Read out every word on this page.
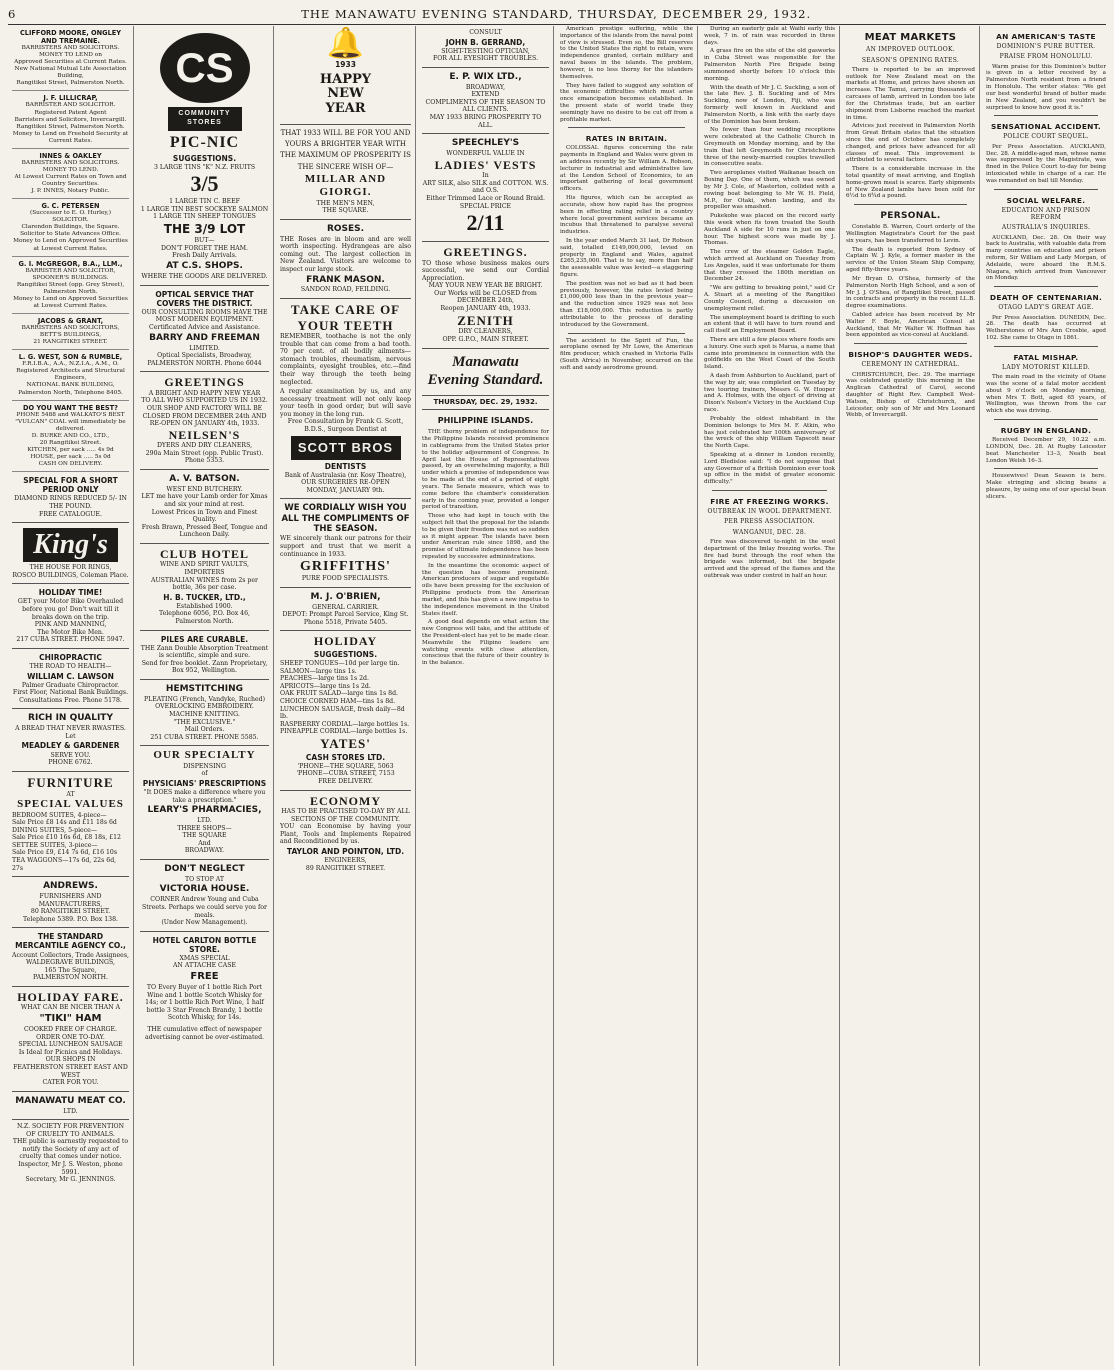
6	THE MANAWATU EVENING STANDARD, THURSDAY, DECEMBER 29, 1932.
CLIFFORD MOORE, ONGLEY AND TREMAINE.
BARRISTERS AND SOLICITORS.
MONEY TO LEND on
Approved Securities at Current Rates.
New National Mutual Life Association Building,
Rangitikei Street, Palmerston North.
J. F. LILLICRAP,
BARRISTER AND SOLICITOR.
Registered Patent Agent
Barristers and Solicitors, Invercargill.
Rangitikei Street, Palmerston North.
Money to Lend on Freehold Security at Current Rates.
INNES & OAKLEY
BARRISTERS AND SOLICITORS.
MONEY TO LEND.
At Lowest Current Rates on Town and Country Securities.
J. P. INNES, Notary Public.
G. C. PETERSEN
(Successor to E. O. Hurley,)
SOLICITOR.
Clarendon Buildings, the Square.
Solicitor to State Advances Office.
Money to Lend on Approved Securities at Lowest Current Rates.
G. I. McGREGOR, B.A., LLM.,
BARRISTER AND SOLICITOR,
SPOONER'S BUILDINGS.
Rangitikei Street (opp. Grey Street), Palmerston North.
Money to Lend on Approved Securities at Lowest Current Rates.
JACOBS & GRANT,
BARRISTERS AND SOLICITORS,
BETT'S BUILDINGS,
21 RANGITIKEI STREET.
L. G. WEST, SON & RUMBLE,
F.R.I.B.A., A.A., N.Z.I.A., A.M., O.
Registered Architects and Structural Engineers,
NATIONAL BANK BUILDING,
Palmerston North, Telephone 8405.
DO YOU WANT THE BEST?
PHONE 5488 and WALKATO'S BEST "VULCAN" COAL will immediately be delivered.
D. BURKE AND CO., LTD.,
20 Rangitikei Street.
KITCHEN, per sack ..... 4s 9d
HOUSE, per sack ..... 5s 0d
CASH ON DELIVERY.
SPECIAL FOR A SHORT PERIOD ONLY
DIAMOND RINGS REDUCED 5/- IN THE POUND.
FREE CATALOGUE.
King's
THE HOUSE FOR RINGS,
ROSCO BUILDINGS, Coleman Place.
HOLIDAY TIME!
GET your Motor Bike Overhauled before you go! Don't wait till it breaks down on the trip.
PINK AND MANNING,
The Motor Bike Men.
217 CUBA STREET. PHONE 5947.
CHIROPRACTIC
THE ROAD TO HEALTH—
WILLIAM C. LAWSON
Palmer Graduate Chiropractor.
First Floor, National Bank Buildings.
Consultations Free. Phone 5178.
RICH IN QUALITY
A BREAD THAT NEVER RWASTES.
Let
MEADLEY & GARDENER
SERVE YOU.
PHONE 6762.
FURNITURE
AT
SPECIAL VALUES
BEDROOM SUITES, 4-piece—
Sale Price £8 14s and £11 18s 6d
DINING SUITES, 5-piece—
Sale Price £10 16s 6d, £8 18s, £12
SETTEE SUITES, 3-piece—
Sale Price £9, £14 7s 6d, £16 10s
TEA WAGGONS—17s 6d, 22s 6d, 27s
ANDREWS.
FURNISHERS AND MANUFACTURERS,
80 RANGITIKEI STREET.
Telephone 5389. P.O. Box 138.
THE STANDARD MERCANTILE AGENCY CO.,
Account Collectors, Trade Assignees,
WALDEGRAVE BUILDINGS,
165 The Square,
PALMERSTON NORTH.
HOLIDAY FARE.
WHAT CAN BE NICER THAN A
"TIKI" HAM
COOKED FREE OF CHARGE.
ORDER ONE TO-DAY.
SPECIAL LUNCHEON SAUSAGE
Is Ideal for Picnics and Holidays.
OUR SHOPS IN
FEATHERSTON STREET EAST AND WEST
CATER FOR YOU.
MANAWATU MEAT CO.
LTD.
N.Z. SOCIETY FOR PREVENTION OF CRUELTY TO ANIMALS.
THE public is earnestly requested to notify the Society of any act of cruelty that comes under notice.
Inspector, Mr J. S. Weston, phone 5991.
Secretary, Mr G. JENNINGS.
CS
COMMUNITY STORES
PIC-NIC
SUGGESTIONS.
3 LARGE TINS "K" N.Z. FRUITS
3/5
1 LARGE TIN C. BEEF
1 LARGE TIN BEST SOCKEYE SALMON
1 LARGE TIN SHEEP TONGUES
THE 3/9 LOT
BUT—
DON'T FORGET THE HAM.
Fresh Daily Arrivals.
AT C.S. SHOPS.
WHERE THE GOODS ARE DELIVERED.
OPTICAL SERVICE THAT COVERS THE DISTRICT.
OUR CONSULTING ROOMS HAVE THE MOST MODERN EQUIPMENT.
Certificated Advice and Assistance.
BARRY AND FREEMAN
LIMITED.
Optical Specialists, Broadway,
PALMERSTON NORTH. Phone 6044
GREETINGS
A BRIGHT AND HAPPY NEW YEAR
TO ALL WHO SUPPORTED US IN 1932.
OUR SHOP AND FACTORY WILL BE CLOSED FROM DECEMBER 24th AND RE-OPEN ON JANUARY 4th, 1933.
NEILSEN'S
DYERS AND DRY CLEANERS,
290a Main Street (opp. Public Trust).
Phone 5353.
A. V. BATSON.
WEST END BUTCHERY.
LET me have your Lamb order for Xmas and six your mind at rest.
Lowest Prices in Town and Finest Quality.
Fresh Brawn, Pressed Beef, Tongue and Luncheon Daily.
CLUB HOTEL
WINE AND SPIRIT VAULTS,
IMPORTERS
AUSTRALIAN WINES from 2s per bottle, 36s per case.
H. B. TUCKER, LTD.,
Established 1900.
Telephone 6056, P.O. Box 46,
Palmerston North.
PILES ARE CURABLE.
THE Zann Double Absorption Treatment is scientific, simple and sure.
Send for free booklet. Zann Proprietary, Box 952, Wellington.
HEMSTITCHING
PLEATING (French, Vandyke, Ruched)
OVERLOCKING EMBROIDERY.
MACHINE KNITTING.
"THE EXCLUSIVE."
Mail Orders.
251 CUBA STREET. PHONE 5585.
OUR SPECIALTY
DISPENSING
of
PHYSICIANS' PRESCRIPTIONS
"It DOES make a difference where you take a prescription."
LEARY'S PHARMACIES,
LTD.
THREE SHOPS—
THE SQUARE
And
BROADWAY.
DON'T NEGLECT
TO STOP AT
VICTORIA HOUSE.
CORNER Andrew Young and Cuba Streets. Perhaps we could serve you for meals.
(Under New Management).
HOTEL CARLTON BOTTLE STORE.
XMAS SPECIAL
AN ATTACHE CASE
FREE
TO Every Buyer of 1 bottle Rich Port Wine and 1 bottle Scotch Whisky for 14s; or 1 bottle Rich Port Wine, 1 half bottle 3 Star French Brandy, 1 bottle Scotch Whisky, for 14s.
THE cumulative effect of newspaper advertising cannot be over-estimated.
🔔
1933
HAPPY
NEW
YEAR
THAT 1933 WILL BE FOR YOU AND YOURS A BRIGHTER YEAR WITH THE MAXIMUM OF PROSPERITY IS THE SINCERE WISH OF—
MILLAR AND GIORGI.
THE MEN'S MEN,
THE SQUARE.
ROSES.
THE Roses are in bloom and are well worth inspecting. Hydrangeas are also coming out. The largest collection in New Zealand. Visitors are welcome to inspect our large stock.
FRANK MASON.
SANDON ROAD, FEILDING.
TAKE CARE OF YOUR TEETH
REMEMBER, toothache is not the only trouble that can come from a bad tooth. 70 per cent. of all bodily ailments—stomach troubles, rheumatism, nervous complaints, eyesight troubles, etc.—find their way through the teeth being neglected.
A regular examination by us, and any necessary treatment will not only keep your teeth in good order, but will save you money in the long run.
Free Consultation by Frank G. Scott, B.D.S., Surgeon Dentist at
SCOTT BROS
DENTISTS
Bank of Australasia (nr. Kosy Theatre),
OUR SURGERIES RE-OPEN
MONDAY, JANUARY 9th.
WE CORDIALLY WISH YOU ALL THE COMPLIMENTS OF THE SEASON.
WE sincerely thank our patrons for their support and trust that we merit a continuance in 1933.
GRIFFITHS'
PURE FOOD SPECIALISTS.
M. J. O'BRIEN,
GENERAL CARRIER.
DEPOT: Prompt Parcel Service, King St. Phone 5518, Private 5405.
HOLIDAY
SUGGESTIONS.
SHEEP TONGUES—10d per large tin.
SALMON—large tins 1s.
PEACHES—large tins 1s 2d.
APRICOTS—large tins 1s 2d.
OAK FRUIT SALAD—large tins 1s 8d.
CHOICE CORNED HAM—tins 1s 8d.
LUNCHEON SAUSAGE, fresh daily—8d lb.
RASPBERRY CORDIAL—large bottles 1s.
PINEAPPLE CORDIAL—large bottles 1s.
YATES'
CASH STORES LTD.
'PHONE—THE SQUARE, 5063
'PHONE—CUBA STREET, 7153
FREE DELIVERY.
ECONOMY
HAS TO BE PRACTISED TO-DAY BY ALL SECTIONS OF THE COMMUNITY.
YOU can Economise by having your Plant, Tools and Implements Repaired and Reconditioned by us.
TAYLOR AND POINTON, LTD.
ENGINEERS,
89 RANGITIKEI STREET.
CONSULT
JOHN B. GERRAND,
SIGHT-TESTING OPTICIAN,
FOR ALL EYESIGHT TROUBLES.
E. P. WIX LTD.,
BROADWAY,
EXTEND
COMPLIMENTS OF THE SEASON TO ALL CLIENTS.
MAY 1933 BRING PROSPERITY TO ALL.
SPEECHLEY'S
WONDERFUL VALUE IN
LADIES' VESTS
In
ART SILK, also SILK and COTTON. W.S. and O.S.
Either Trimmed Lace or Round Braid.
SPECIAL PRICE
2/11
GREETINGS.
TO those whose business makes ours successful, we send our Cordial Appreciation.
MAY YOUR NEW YEAR BE BRIGHT.
Our Works will be CLOSED from DECEMBER 24th,
Reopen JANUARY 4th, 1933.
ZENITH
DRY CLEANERS,
OPP. G.P.O., MAIN STREET.
Manawatu
Evening Standard.
THURSDAY, DEC. 29, 1932.
PHILIPPINE ISLANDS.

THE thorny problem of independence for the Philippine Islands received prominence in cablegrams from the United States prior to the holiday adjournment of Congress. In April last the House of Representatives passed, by an overwhelming majority, a Bill under which a promise of independence was to be made at the end of a period of eight years. The Senate measure, which was to come before the chamber's consideration early in the coming year, provided a longer period of transition.

Those who had kept in touch with the subject felt that the proposal for the islands to be given their freedom was not so sudden as it might appear. The islands have been under American rule since 1898, and the promise of ultimate independence has been repeated by successive administrations.

In the meantime the economic aspect of the question has become prominent. American producers of sugar and vegetable oils have been pressing for the exclusion of Philippine products from the American market, and this has given a new impetus to the independence movement in the United States itself.

A good deal depends on what action the new Congress will take, and the attitude of the President-elect has yet to be made clear. Meanwhile the Filipino leaders are watching events with close attention, conscious that the future of their country is in the balance.

American prestige suffering, while the importance of the islands from the naval point of view is stressed. Even so, the Bill reserves to the United States the right to retain, were independence granted, certain military and naval bases in the islands. The problem, however, is no less thorny for the islanders themselves.

They have failed to suggest any solution of the economic difficulties which must arise once emancipation becomes established. In the present state of world trade they seemingly have no desire to be cut off from a profitable market.

RATES IN BRITAIN.

COLOSSAL figures concerning the rate payments in England and Wales were given in an address recently by Sir William A. Robson, lecturer in industrial and administrative law at the London School of Economics, to an important gathering of local government officers.

His figures, which can be accepted as accurate, show how rapid has the progress been in effecting rating relief in a country where local government services became an incubus that threatened to paralyse several industries.

In the year ended March 31 last, Dr Robson said, totalled £149,000,000, levied on property in England and Wales, against £265,235,000. That is to say, more than half the assessable value was levied—a staggering figure.

The position was not so bad as it had been previously, however, the rates levied being £1,000,000 less than in the previous year—and the reduction since 1929 was not less than £18,000,000. This reduction is partly attributable to the process of derating introduced by the Government.

The accident to the Spirit of Fun, the aeroplane owned by Mr Lowe, the American film producer, which crashed in Victoria Falls (South Africa) in November, occurred on the soft and sandy aerodrome ground.

During an easterly gale at Waihi early this week, 7 in. of rain was recorded in three days.

A grass fire on the site of the old gasworks in Cuba Street was responsible for the Palmerston North Fire Brigade being summoned shortly before 10 o'clock this morning.

With the death of Mr J. C. Suckling, a son of the late Rev. J. B. Suckling and of Mrs Suckling, now of London, Fiji, who was formerly well known in Auckland and Palmerston North, a link with the early days of the Dominion has been broken.

No fewer than four wedding receptions were celebrated at the Catholic Church in Greymouth on Monday morning, and by the train that left Greymouth for Christchurch three of the newly-married couples travelled in consecutive seats.

Two aeroplanes visited Waikanae beach on Boxing Day. One of them, which was owned by Mr J. Cole, of Masterton, collided with a rowing boat belonging to Mr W. H. Field, M.P., for Otaki, when landing, and its propeller was smashed.

Pukekohe was placed on the record early this week when its town treated the South Auckland A side for 10 runs in just on one hour. The highest score was made by J. Thomas.

The crew of the steamer Golden Eagle, which arrived at Auckland on Tuesday from Los Angeles, said it was unfortunate for them that they crossed the 180th meridian on December 24.

"We are getting to breaking point," said Cr A. Stuart at a meeting of the Rangitikei County Council, during a discussion on unemployment relief.

The unemployment board is drifting to such an extent that it will have to turn round and call itself an Employment Board.

There are still a few places where foods are a luxury. One such spot is Marua, a name that came into prominence in connection with the goldfields on the West Coast of the South Island.

A dash from Ashburton to Auckland, part of the way by air, was completed on Tuesday by two touring trainers, Messrs G. W. Hooper and A. Holmes, with the object of driving at Dixon's Nelson's Victory in the Auckland Cup race.

Probably the oldest inhabitant in the Dominion belongs to Mrs M. F. Atkin, who has just celebrated her 100th anniversary of the wreck of the ship William Tapscott near the North Cape.

Speaking at a dinner in London recently, Lord Bledisloe said: "I do not suppose that any Governor of a British Dominion ever took up office in the midst of greater economic difficulty."

FIRE AT FREEZING WORKS.
OUTBREAK IN WOOL DEPARTMENT.
PER PRESS ASSOCIATION.
WANGANUI, DEC. 28.

Fire was discovered to-night in the wool department of the Imlay freezing works. The fire had burst through the roof when the brigade was informed, but the brigade arrived and the spread of the flames and the outbreak was under control in half an hour.

MEAT MARKETS
AN IMPROVED OUTLOOK.
SEASON'S OPENING RATES.

There is reported to be an improved outlook for New Zealand meat on the markets at Home, and prices have shown an increase. The Tamui, carrying thousands of carcases of lamb, arrived in London too late for the Christmas trade, but an earlier shipment from Lisborne reached the market in time.

Advices just received in Palmerston North from Great Britain states that the situation since the end of October has completely changed, and prices have advanced for all classes of meat. This improvement is attributed to several factors.

There is a considerable increase in the total quantity of meat arriving, and English home-grown meat is scarce. Early shipments of New Zealand lambs have been sold for 6½d to 6¾d a pound.

PERSONAL.

Constable B. Warren, Court orderly of the Wellington Magistrate's Court for the past six years, has been transferred to Levin.

The death is reported from Sydney of Captain W. J. Kyle, a former master in the service of the Union Steam Ship Company, aged fifty-three years.

Mr Bryan D. O'Shea, formerly of the Palmerston North High School, and a son of Mr J. J. O'Shea, of Rangitikei Street, passed in contracts and property in the recent LL.B. degree examinations.

Cabled advice has been received by Mr Walter F. Boyle, American Consul at Auckland, that Mr Walter W. Hoffman has been appointed as vice-consul at Auckland.

BISHOP'S DAUGHTER WEDS.
CEREMONY IN CATHEDRAL.

CHRISTCHURCH, Dec. 29. The marriage was celebrated quietly this morning in the Anglican Cathedral of Carol, second daughter of Right Rev. Campbell West-Watson, Bishop of Christchurch, and Leicester, only son of Mr and Mrs Leonard Webb, of Invercargill.

AN AMERICAN'S TASTE
DOMINION'S PURE BUTTER.
PRAISE FROM HONOLULU.

Warm praise for this Dominion's butter is given in a letter received by a Palmerston North resident from a friend in Honolulu. The writer states: "We get our best wonderful brand of butter made in New Zealand, and you wouldn't be surprised to know how good it is."

SENSATIONAL ACCIDENT.
POLICE COURT SEQUEL.

Per Press Association. AUCKLAND, Dec. 28. A middle-aged man, whose name was suppressed by the Magistrate, was fined in the Police Court to-day for being intoxicated while in charge of a car. He was remanded on bail till Monday.

SOCIAL WELFARE.
EDUCATION AND PRISON REFORM
AUSTRALIA'S INQUIRIES.

AUCKLAND, Dec. 28. On their way back to Australia, with valuable data from many countries on education and prison reform, Sir William and Lady Morgan, of Adelaide, were aboard the R.M.S. Niagara, which arrived from Vancouver on Monday.

DEATH OF CENTENARIAN.
OTAGO LADY'S GREAT AGE.

Per Press Association. DUNEDIN, Dec. 28. The death has occurred at Wetherstones of Mrs Ann Crosbie, aged 102. She came to Otago in 1861.

FATAL MISHAP.
LADY MOTORIST KILLED.

The main road in the vicinity of Otane was the scene of a fatal motor accident about 9 o'clock on Monday morning, when Mrs T. Bott, aged 65 years, of Wellington, was thrown from the car which she was driving.

RUGBY IN ENGLAND.

Received December 29, 10.22 a.m. LONDON, Dec. 28. At Rugby Leicester beat Manchester 13–3, Neath beat London Welsh 16–3.

Housewives! Dean Season is here. Make stringing and slicing beans a pleasure, by using one of our special bean slicers.
